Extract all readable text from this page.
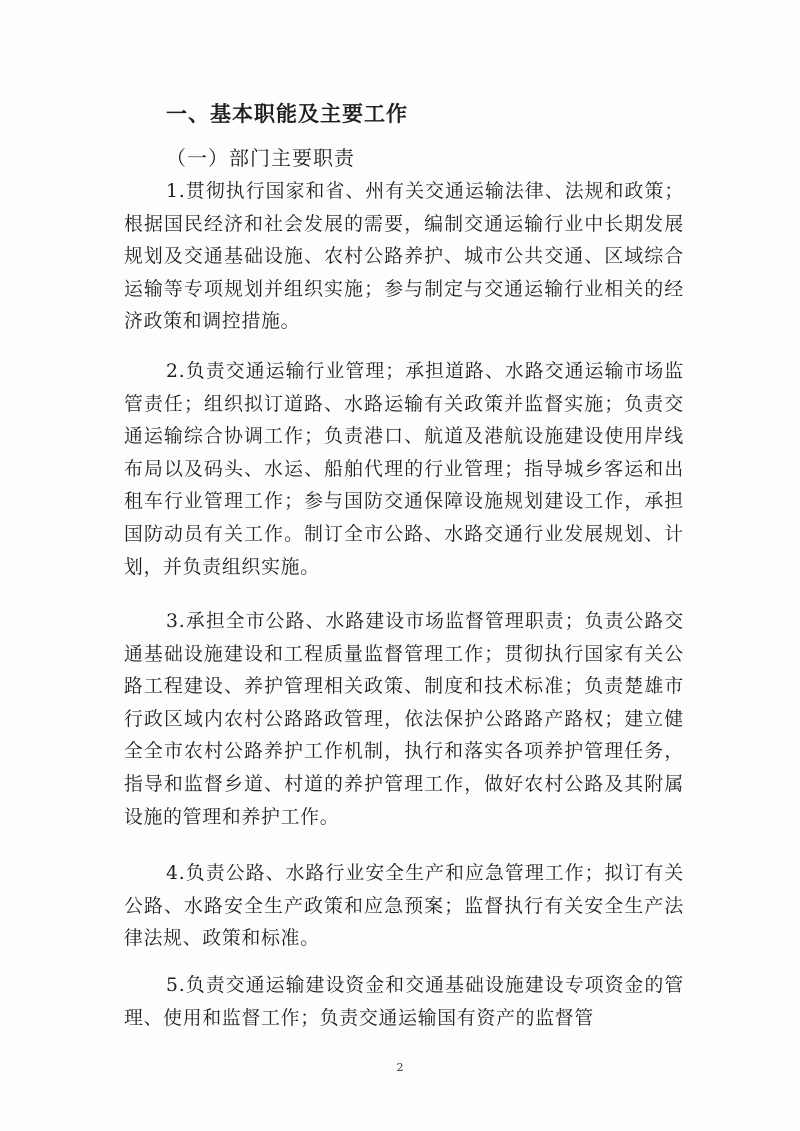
一、基本职能及主要工作
（一）部门主要职责

1.贯彻执行国家和省、州有关交通运输法律、法规和政策；根据国民经济和社会发展的需要，编制交通运输行业中长期发展规划及交通基础设施、农村公路养护、城市公共交通、区域综合运输等专项规划并组织实施；参与制定与交通运输行业相关的经济政策和调控措施。

2.负责交通运输行业管理；承担道路、水路交通运输市场监管责任；组织拟订道路、水路运输有关政策并监督实施；负责交通运输综合协调工作；负责港口、航道及港航设施建设使用岸线布局以及码头、水运、船舶代理的行业管理；指导城乡客运和出租车行业管理工作；参与国防交通保障设施规划建设工作，承担国防动员有关工作。制订全市公路、水路交通行业发展规划、计划，并负责组织实施。

3.承担全市公路、水路建设市场监督管理职责；负责公路交通基础设施建设和工程质量监督管理工作；贯彻执行国家有关公路工程建设、养护管理相关政策、制度和技术标准；负责楚雄市行政区域内农村公路路政管理，依法保护公路路产路权；建立健全全市农村公路养护工作机制，执行和落实各项养护管理任务，指导和监督乡道、村道的养护管理工作，做好农村公路及其附属设施的管理和养护工作。

4.负责公路、水路行业安全生产和应急管理工作；拟订有关公路、水路安全生产政策和应急预案；监督执行有关安全生产法律法规、政策和标准。

5.负责交通运输建设资金和交通基础设施建设专项资金的管理、使用和监督工作；负责交通运输国有资产的监督管

2
